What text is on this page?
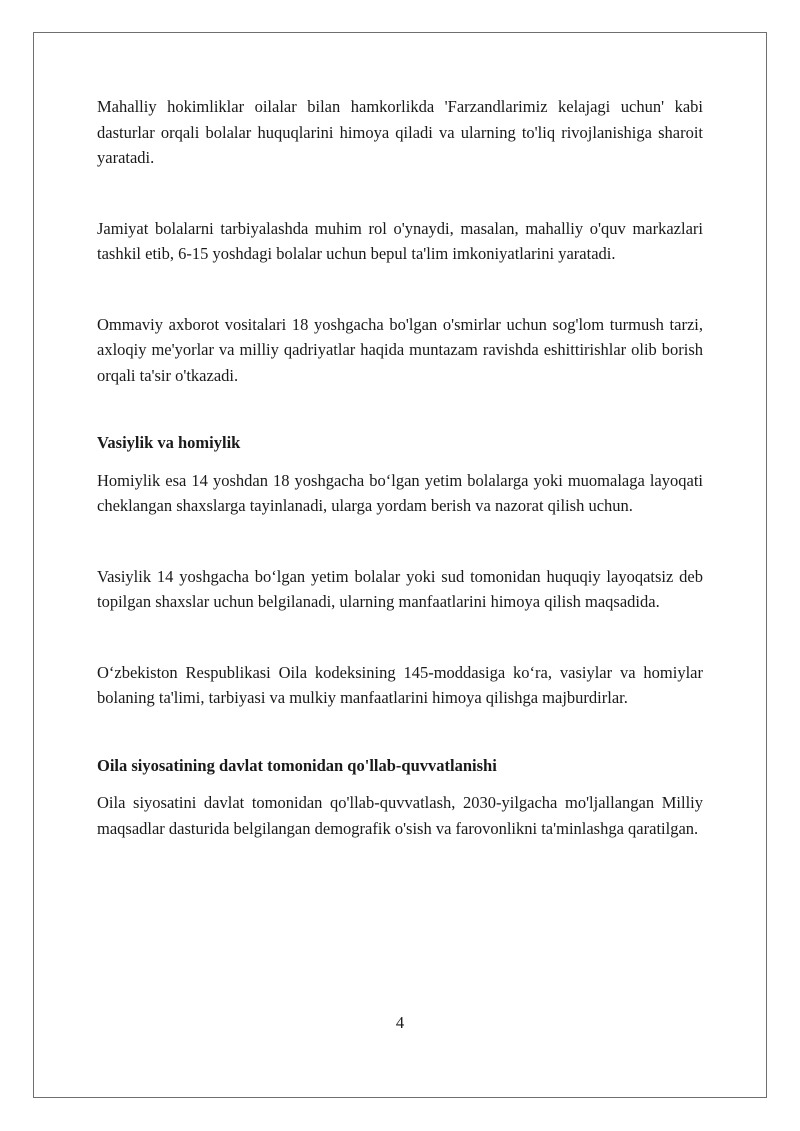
Mahalliy hokimliklar oilalar bilan hamkorlikda 'Farzandlarimiz kelajagi uchun' kabi dasturlar orqali bolalar huquqlarini himoya qiladi va ularning to'liq rivojlanishiga sharoit yaratadi.

Jamiyat bolalarni tarbiyalashda muhim rol o'ynaydi, masalan, mahalliy o'quv markazlari tashkil etib, 6-15 yoshdagi bolalar uchun bepul ta'lim imkoniyatlarini yaratadi.

Ommaviy axborot vositalari 18 yoshgacha bo'lgan o'smirlar uchun sog'lom turmush tarzi, axloqiy me'yorlar va milliy qadriyatlar haqida muntazam ravishda eshittirishlar olib borish orqali ta'sir o'tkazadi.

Vasiylik va homiylik

Homiylik esa 14 yoshdan 18 yoshgacha bo‘lgan yetim bolalarga yoki muomalaga layoqati cheklangan shaxslarga tayinlanadi, ularga yordam berish va nazorat qilish uchun.

Vasiylik 14 yoshgacha bo‘lgan yetim bolalar yoki sud tomonidan huquqiy layoqatsiz deb topilgan shaxslar uchun belgilanadi, ularning manfaatlarini himoya qilish maqsadida.

O‘zbekiston Respublikasi Oila kodeksining 145-moddasiga ko‘ra, vasiylar va homiylar bolaning ta'limi, tarbiyasi va mulkiy manfaatlarini himoya qilishga majburdirlar.

Oila siyosatining davlat tomonidan qo'llab-quvvatlanishi

Oila siyosatini davlat tomonidan qo'llab-quvvatlash, 2030-yilgacha mo'ljallangan Milliy maqsadlar dasturida belgilangan demografik o'sish va farovonlikni ta'minlashga qaratilgan.

4
